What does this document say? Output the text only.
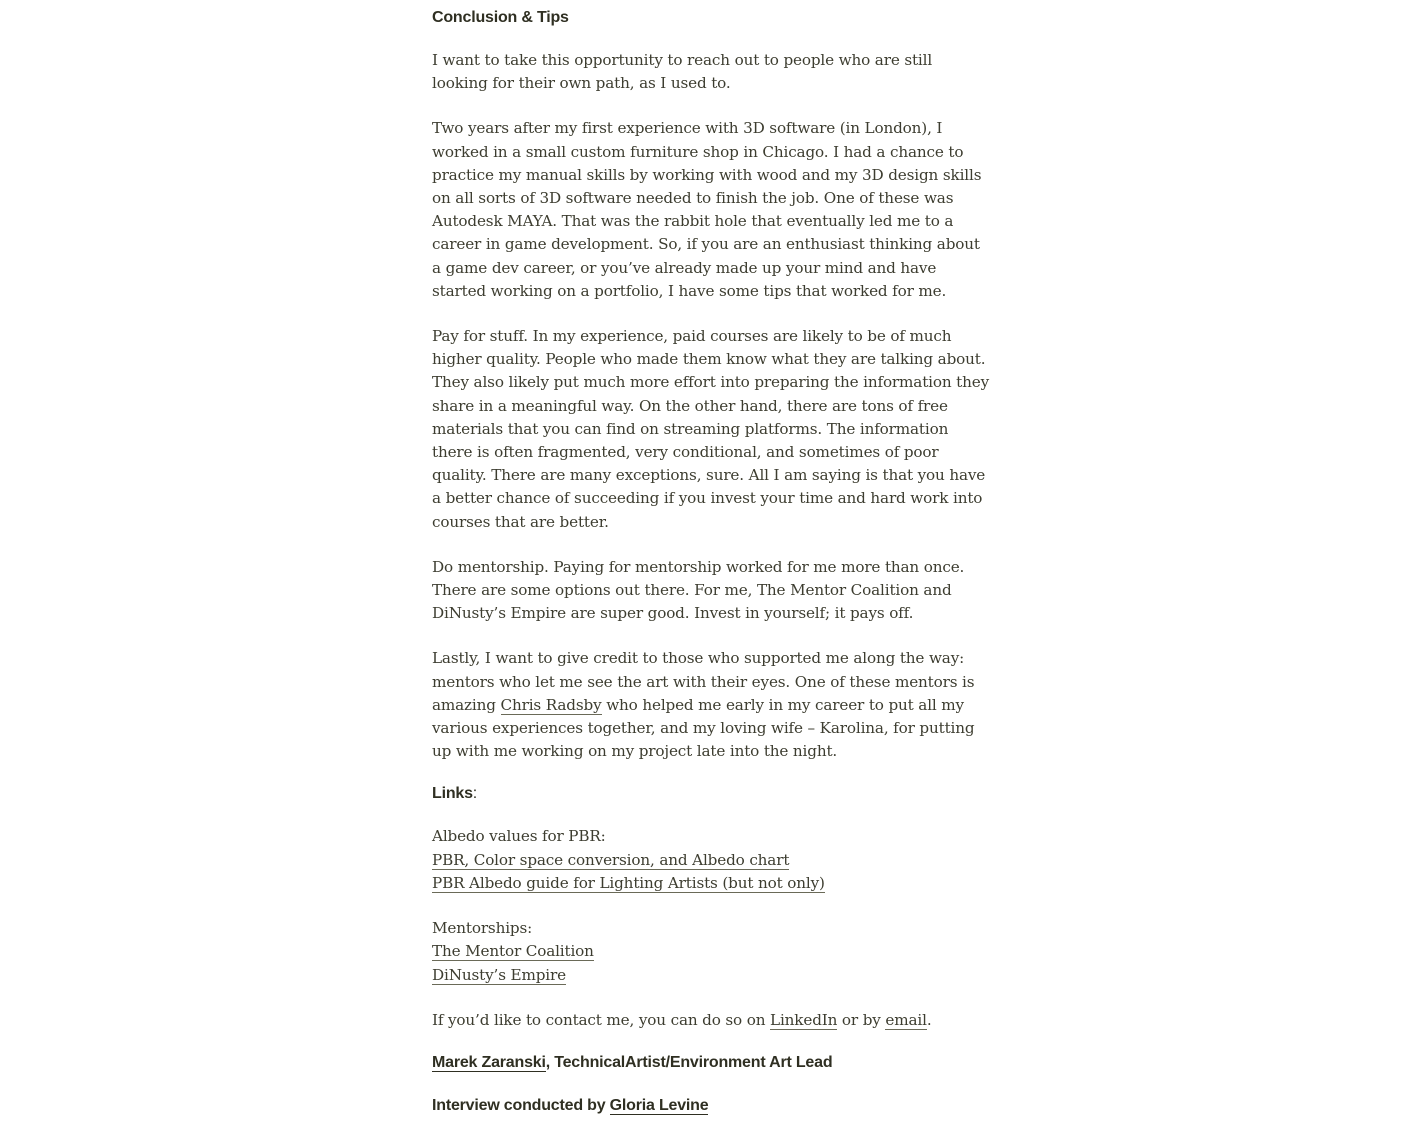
Conclusion & Tips

I want to take this opportunity to reach out to people who are still looking for their own path, as I used to.

Two years after my first experience with 3D software (in London), I worked in a small custom furniture shop in Chicago. I had a chance to practice my manual skills by working with wood and my 3D design skills on all sorts of 3D software needed to finish the job. One of these was Autodesk MAYA. That was the rabbit hole that eventually led me to a career in game development. So, if you are an enthusiast thinking about a game dev career, or you’ve already made up your mind and have started working on a portfolio, I have some tips that worked for me.

Pay for stuff. In my experience, paid courses are likely to be of much higher quality. People who made them know what they are talking about. They also likely put much more effort into preparing the information they share in a meaningful way. On the other hand, there are tons of free materials that you can find on streaming platforms. The information there is often fragmented, very conditional, and sometimes of poor quality. There are many exceptions, sure. All I am saying is that you have a better chance of succeeding if you invest your time and hard work into courses that are better.

Do mentorship. Paying for mentorship worked for me more than once. There are some options out there. For me, The Mentor Coalition and DiNusty’s Empire are super good. Invest in yourself; it pays off.

Lastly, I want to give credit to those who supported me along the way: mentors who let me see the art with their eyes. One of these mentors is amazing Chris Radsby who helped me early in my career to put all my various experiences together, and my loving wife – Karolina, for putting up with me working on my project late into the night.

Links:

Albedo values for PBR:

PBR, Color space conversion, and Albedo chart

PBR Albedo guide for Lighting Artists (but not only)

Mentorships:

The Mentor Coalition

DiNusty’s Empire

If you’d like to contact me, you can do so on LinkedIn or by email.

Marek Zaranski, TechnicalArtist/Environment Art Lead

Interview conducted by Gloria Levine
